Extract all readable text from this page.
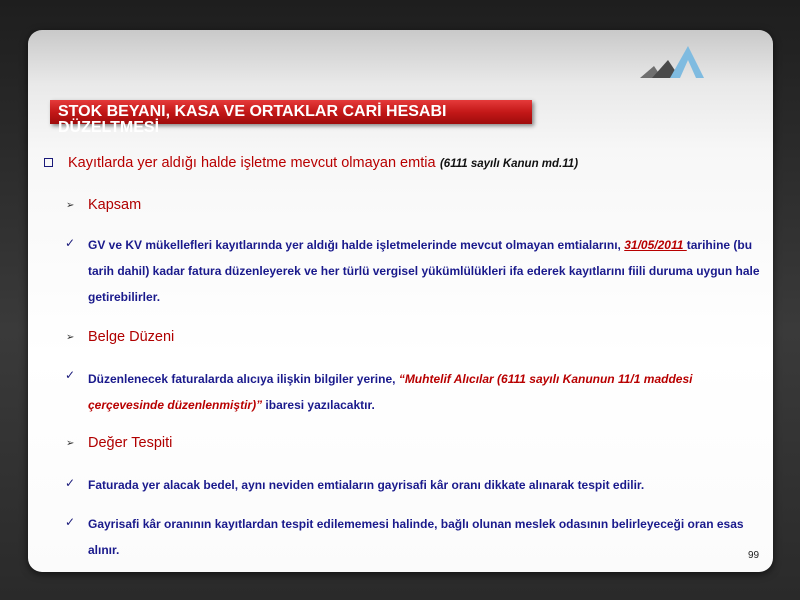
STOK BEYANI, KASA VE ORTAKLAR CARİ HESABI DÜZELTMESİ
Kayıtlarda yer aldığı halde işletme mevcut olmayan emtia (6111 sayılı Kanun md.11)
➢ Kapsam
✓ GV ve KV mükellefleri kayıtlarında yer aldığı halde işletmelerinde mevcut olmayan emtialarını, 31/05/2011 tarihine (bu tarih dahil) kadar fatura düzenleyerek ve her türlü vergisel yükümlülükleri ifa ederek kayıtlarını fiili duruma uygun hale getirebilirler.
➢ Belge Düzeni
✓ Düzenlenecek faturalarda alıcıya ilişkin bilgiler yerine, “Muhtelif Alıcılar (6111 sayılı Kanunun 11/1 maddesi çerçevesinde düzenlenmiştir)” ibaresi yazılacaktır.
➢ Değer Tespiti
✓ Faturada yer alacak bedel, aynı neviden emtiaların gayrisafi kâr oranı dikkate alınarak tespit edilir.
✓ Gayrisafi kâr oranının kayıtlardan tespit edilememesi halinde, bağlı olunan meslek odasının belirleyeceği oran esas alınır.	99
